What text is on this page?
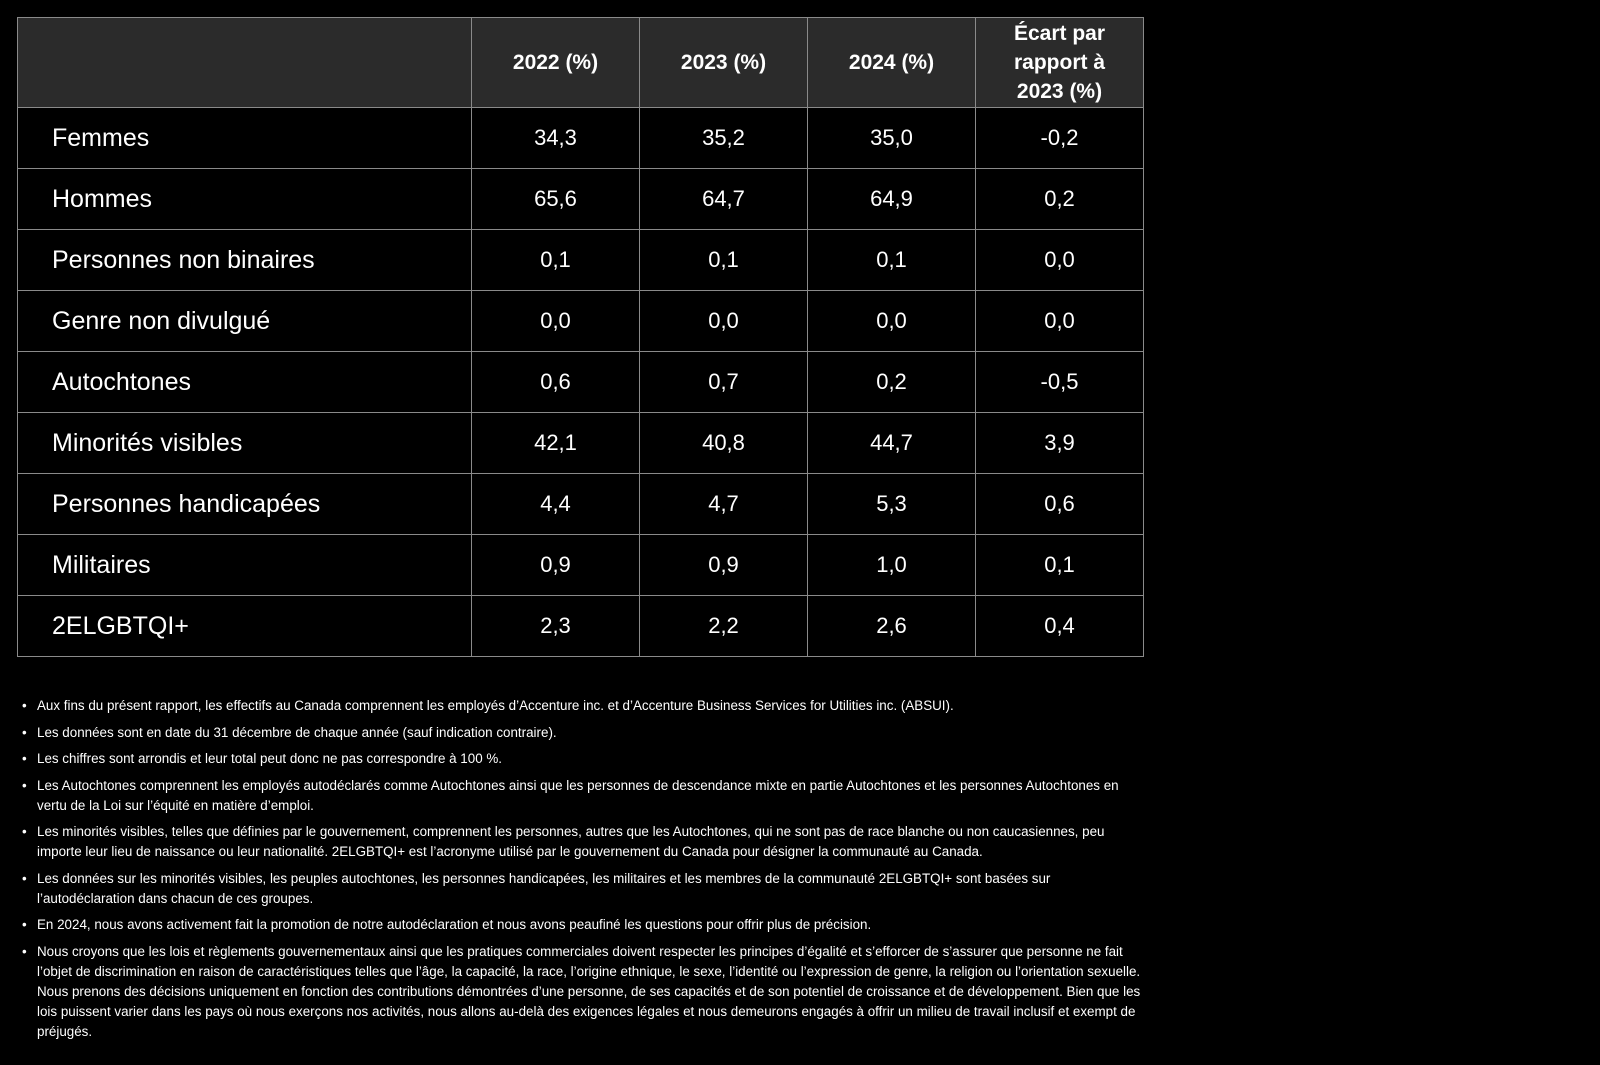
	2022 (%)	2023 (%)	2024 (%)	Écart par
rapport à
2023 (%)
Femmes	34,3	35,2	35,0	-0,2
Hommes	65,6	64,7	64,9	0,2
Personnes non binaires	0,1	0,1	0,1	0,0
Genre non divulgué	0,0	0,0	0,0	0,0
Autochtones	0,6	0,7	0,2	-0,5
Minorités visibles	42,1	40,8	44,7	3,9
Personnes handicapées	4,4	4,7	5,3	0,6
Militaires	0,9	0,9	1,0	0,1
2ELGBTQI+	2,3	2,2	2,6	0,4
• Aux fins du présent rapport, les effectifs au Canada comprennent les employés d’Accenture inc. et d’Accenture Business Services for Utilities inc. (ABSUI).
• Les données sont en date du 31 décembre de chaque année (sauf indication contraire).
• Les chiffres sont arrondis et leur total peut donc ne pas correspondre à 100 %.
• Les Autochtones comprennent les employés autodéclarés comme Autochtones ainsi que les personnes de descendance mixte en partie Autochtones et les personnes Autochtones en vertu de la Loi sur l’équité en matière d’emploi.
• Les minorités visibles, telles que définies par le gouvernement, comprennent les personnes, autres que les Autochtones, qui ne sont pas de race blanche ou non caucasiennes, peu importe leur lieu de naissance ou leur nationalité. 2ELGBTQI+ est l’acronyme utilisé par le gouvernement du Canada pour désigner la communauté au Canada.
• Les données sur les minorités visibles, les peuples autochtones, les personnes handicapées, les militaires et les membres de la communauté 2ELGBTQI+ sont basées sur l’autodéclaration dans chacun de ces groupes.
• En 2024, nous avons activement fait la promotion de notre autodéclaration et nous avons peaufiné les questions pour offrir plus de précision.
• Nous croyons que les lois et règlements gouvernementaux ainsi que les pratiques commerciales doivent respecter les principes d’égalité et s’efforcer de s’assurer que personne ne fait l’objet de discrimination en raison de caractéristiques telles que l’âge, la capacité, la race, l’origine ethnique, le sexe, l’identité ou l’expression de genre, la religion ou l’orientation sexuelle. Nous prenons des décisions uniquement en fonction des contributions démontrées d’une personne, de ses capacités et de son potentiel de croissance et de développement. Bien que les lois puissent varier dans les pays où nous exerçons nos activités, nous allons au-delà des exigences légales et nous demeurons engagés à offrir un milieu de travail inclusif et exempt de préjugés.
